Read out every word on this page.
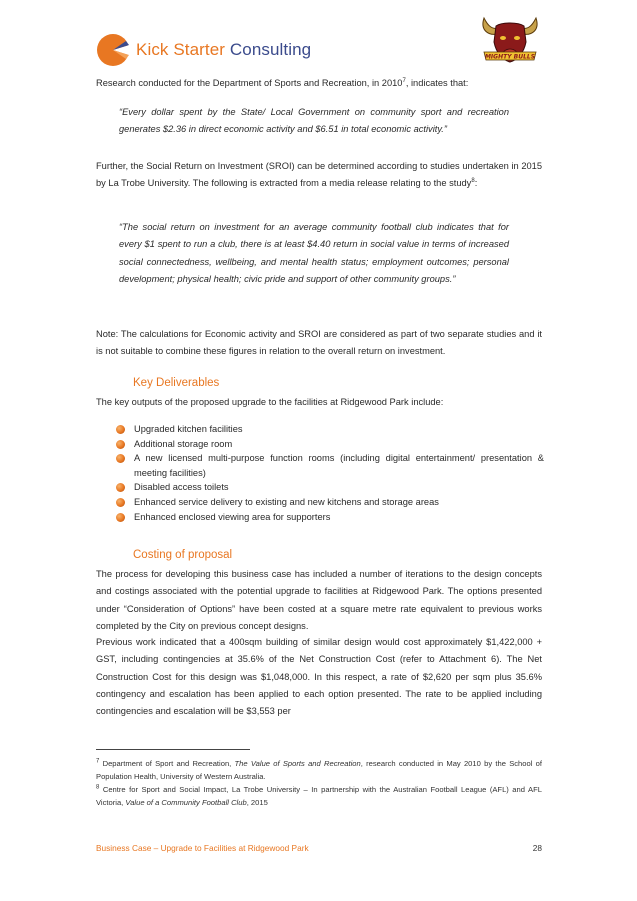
Kick Starter Consulting	MIGHTY BULLS
Research conducted for the Department of Sports and Recreation, in 2010$^7$, indicates that:
“Every dollar spent by the State/ Local Government on community sport and recreation generates $2.36 in direct economic activity and $6.51 in total economic activity.”
Further, the Social Return on Investment (SROI) can be determined according to studies undertaken in 2015 by La Trobe University. The following is extracted from a media release relating to the study$^8$:
“The social return on investment for an average community football club indicates that for every $1 spent to run a club, there is at least $4.40 return in social value in terms of increased social connectedness, wellbeing, and mental health status; employment outcomes; personal development; physical health; civic pride and support of other community groups.”
Note: The calculations for Economic activity and SROI are considered as part of two separate studies and it is not suitable to combine these figures in relation to the overall return on investment.
Key Deliverables
The key outputs of the proposed upgrade to the facilities at Ridgewood Park include:
Upgraded kitchen facilities
Additional storage room
A new licensed multi-purpose function rooms (including digital entertainment/ presentation & meeting facilities)
Disabled access toilets
Enhanced service delivery to existing and new kitchens and storage areas
Enhanced enclosed viewing area for supporters
Costing of proposal
The process for developing this business case has included a number of iterations to the design concepts and costings associated with the potential upgrade to facilities at Ridgewood Park. The options presented under “Consideration of Options” have been costed at a square metre rate equivalent to previous works completed by the City on previous concept designs.
Previous work indicated that a 400sqm building of similar design would cost approximately $1,422,000 + GST, including contingencies at 35.6% of the Net Construction Cost (refer to Attachment 6). The Net Construction Cost for this design was $1,048,000. In this respect, a rate of $2,620 per sqm plus 35.6% contingency and escalation has been applied to each option presented. The rate to be applied including contingencies and escalation will be $3,553 per
$^7$ Department of Sport and Recreation, The Value of Sports and Recreation, research conducted in May 2010 by the School of Population Health, University of Western Australia.
$^8$ Centre for Sport and Social Impact, La Trobe University – In partnership with the Australian Football League (AFL) and AFL Victoria, Value of a Community Football Club, 2015
Business Case – Upgrade to Facilities at Ridgewood Park	28
